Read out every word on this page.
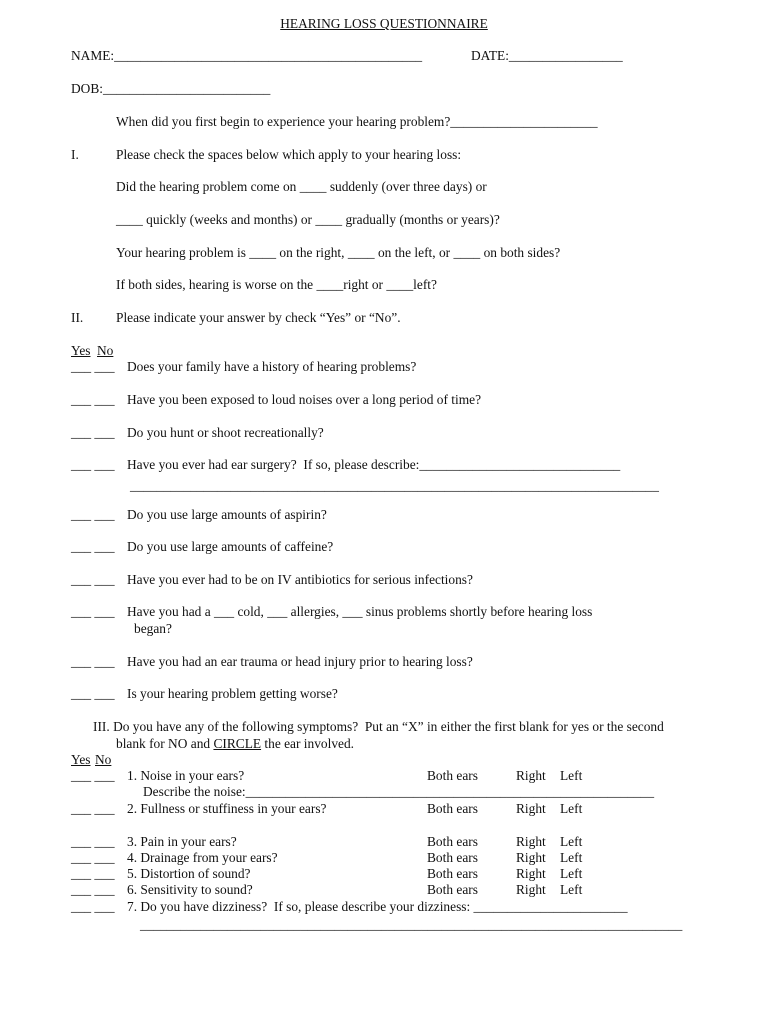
HEARING LOSS QUESTIONNAIRE
NAME:______________________________________________	DATE:_________________
DOB:_________________________
When did you first begin to experience your hearing problem?______________________
I.	Please check the spaces below which apply to your hearing loss:
Did the hearing problem come on ____ suddenly (over three days) or
____ quickly (weeks and months) or ____ gradually (months or years)?
Your hearing problem is ____ on the right, ____ on the left, or ____ on both sides?
If both sides, hearing is worse on the ____right or ____left?
II. Please indicate your answer by check “Yes” or “No”.
Yes No
___ ___ Does your family have a history of hearing problems?
___ ___ Have you been exposed to loud noises over a long period of time?
___ ___ Do you hunt or shoot recreationally?
___ ___ Have you ever had ear surgery?  If so, please describe:______________________________
___ ___ Do you use large amounts of aspirin?
___ ___ Do you use large amounts of caffeine?
___ ___ Have you ever had to be on IV antibiotics for serious infections?
___ ___ Have you had a ___ cold, ___ allergies, ___ sinus problems shortly before hearing loss
___ ___ Have you had an ear trauma or head injury prior to hearing loss?
___ ___ Is your hearing problem getting worse?
_______________________________________________________________________________
began?
III. Do you have any of the following symptoms?  Put an “X” in either the first blank for yes or the second
blank for NO and CIRCLE the ear involved.
Yes No
___ ___ 1. Noise in your ears?	Both ears	Right Left
___ ___ 2. Fullness or stuffiness in your ears?	Both ears	Right Left
___ ___ 3. Pain in your ears?	Both ears	Right Left
___ ___ 4. Drainage from your ears?	Both ears	Right Left
___ ___ 5. Distortion of sound?	Both ears	Right Left
___ ___ 6. Sensitivity to sound?	Both ears	Right Left
___ ___ 7. Do you have dizziness?  If so, please describe your dizziness: _______________________
Describe the noise:_____________________________________________________________
_________________________________________________________________________________
